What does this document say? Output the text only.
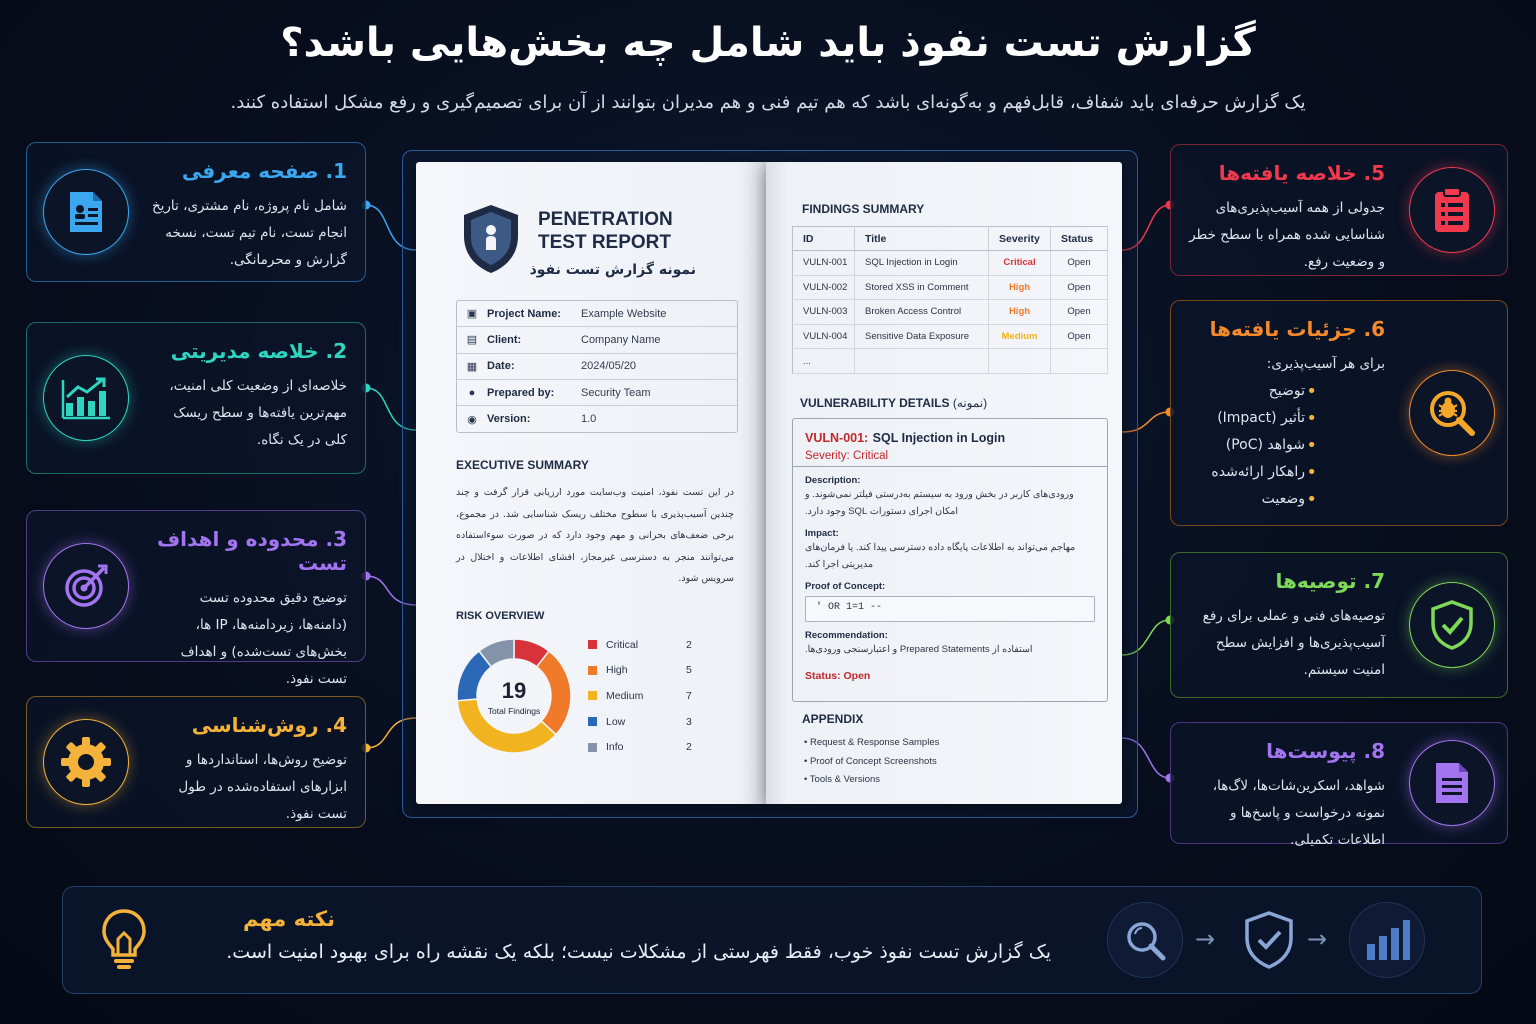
گزارش تست نفوذ باید شامل چه بخش‌هایی باشد؟
یک گزارش حرفه‌ای باید شفاف، قابل‌فهم و به‌گونه‌ای باشد که هم تیم فنی و هم مدیران بتوانند از آن برای تصمیم‌گیری و رفع مشکل استفاده کنند.
1. صفحه معرفی

شامل نام پروژه، نام مشتری، تاریخ انجام تست، نام تیم تست، نسخه گزارش و محرمانگی.

2. خلاصه مدیریتی

خلاصه‌ای از وضعیت کلی امنیت، مهم‌ترین یافته‌ها و سطح ریسک کلی در یک نگاه.

3. محدوده و اهداف تست

توضیح دقیق محدوده تست (دامنه‌ها، زیردامنه‌ها، IP ها، بخش‌های تست‌شده) و اهداف تست نفوذ.

4. روش‌شناسی

توضیح روش‌ها، استانداردها و ابزارهای استفاده‌شده در طول تست نفوذ.

5. خلاصه یافته‌ها

جدولی از همه آسیب‌پذیری‌های شناسایی شده همراه با سطح خطر و وضعیت رفع.

6. جزئیات یافته‌ها

برای هر آسیب‌پذیری:

• توضیح
• تأثیر (Impact)
• شواهد (PoC)
• راهکار ارائه‌شده
• وضعیت
7. توصیه‌ها

توصیه‌های فنی و عملی برای رفع آسیب‌پذیری‌ها و افزایش سطح امنیت سیستم.

8. پیوست‌ها

شواهد، اسکرین‌شات‌ها، لاگ‌ها، نمونه درخواست و پاسخ‌ها و اطلاعات تکمیلی.

PENETRATION
TEST REPORT
نمونه گزارش تست نفوذ
▣ Project Name:	Example Website
▤ Client:	Company Name
▦ Date:	2024/05/20
●	Prepared by:	Security Team
◉ Version:	1.0
EXECUTIVE SUMMARY
در این تست نفوذ، امنیت وب‌سایت مورد ارزیابی قرار گرفت و چند چندین آسیب‌پذیری با سطوح مختلف ریسک شناسایی شد. در مجموع، برخی ضعف‌های بحرانی و مهم وجود دارد که در صورت سوءاستفاده می‌توانند منجر به دسترسی غیرمجاز، افشای اطلاعات و اختلال در سرویس شود.
RISK OVERVIEW
19
Total Findings
Critical	2
High	5
Medium	7
Low	3
Info	2
FINDINGS SUMMARY
ID	Title	Severity	Status
VULN-001	SQL Injection in Login	Critical	Open
VULN-002	Stored XSS in Comment	High	Open
VULN-003	Broken Access Control	High	Open
VULN-004	Sensitive Data Exposure	Medium	Open
...			
VULNERABILITY DETAILS (نمونه)
VULN-001: SQL Injection in Login
Severity: Critical
Description:
ورودی‌های کاربر در بخش ورود به سیستم به‌درستی فیلتر نمی‌شوند. و امکان اجرای دستورات SQL وجود دارد.
Impact:
مهاجم می‌تواند به اطلاعات پایگاه داده دسترسی پیدا کند. یا فرمان‌های مدیریتی اجرا کند.
Proof of Concept:
' OR 1=1 --
Recommendation:
استفاده از Prepared Statements و اعتبارسنجی ورودی‌ها.
Status: Open
APPENDIX
• Request & Response Samples
• Proof of Concept Screenshots
• Tools & Versions
نکته مهم
یک گزارش تست نفوذ خوب، فقط فهرستی از مشکلات نیست؛ بلکه یک نقشه راه برای بهبود امنیت است.	→	→
